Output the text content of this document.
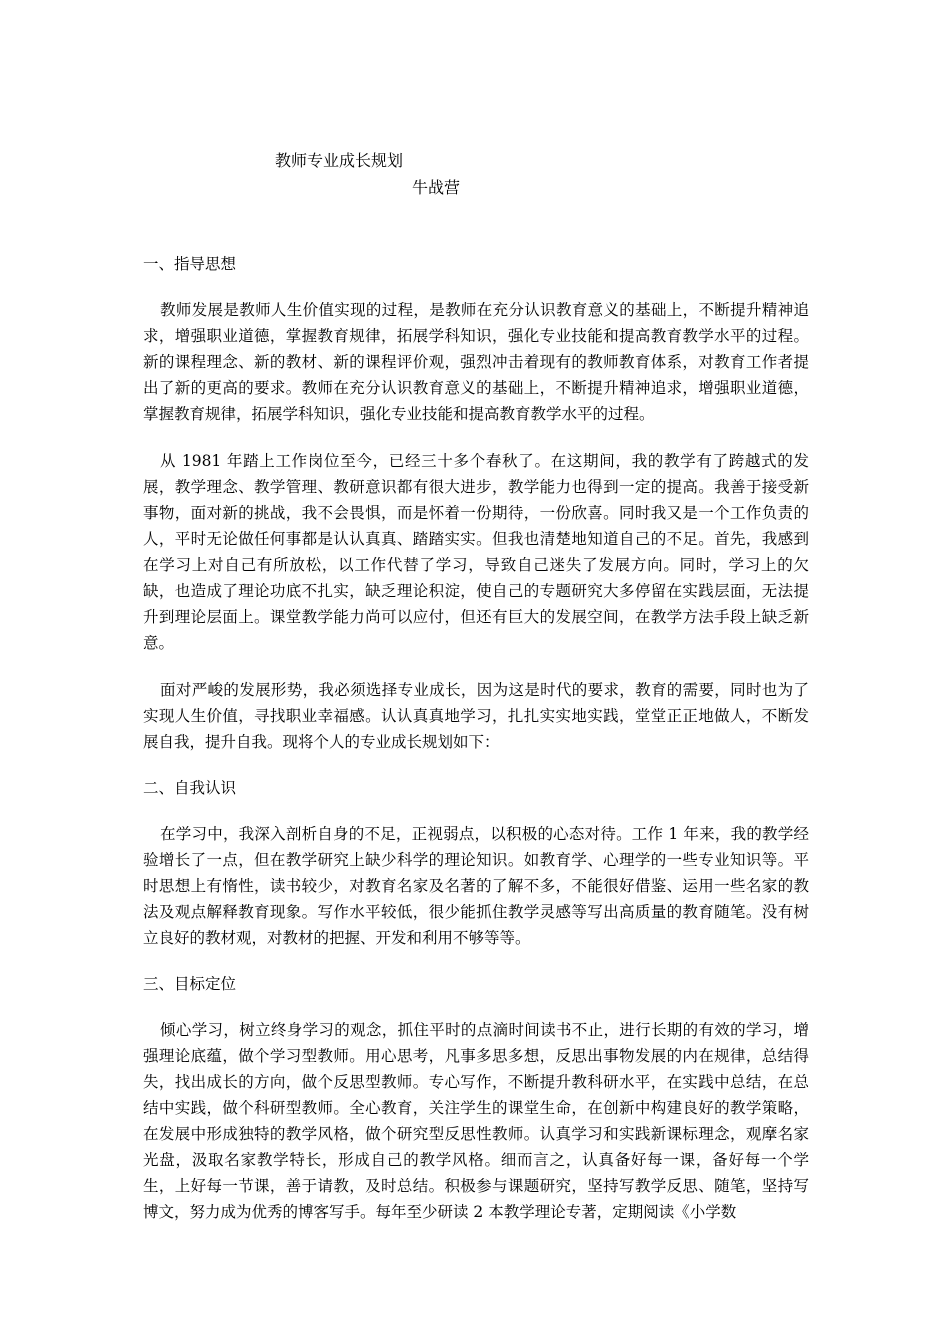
教师专业成长规划
牛战营
一、指导思想

教师发展是教师人生价值实现的过程，是教师在充分认识教育意义的基础上，不断提升精神追求，增强职业道德，掌握教育规律，拓展学科知识，强化专业技能和提高教育教学水平的过程。新的课程理念、新的教材、新的课程评价观，强烈冲击着现有的教师教育体系，对教育工作者提出了新的更高的要求。教师在充分认识教育意义的基础上，不断提升精神追求，增强职业道德，掌握教育规律，拓展学科知识，强化专业技能和提高教育教学水平的过程。

从 1981 年踏上工作岗位至今，已经三十多个春秋了。在这期间，我的教学有了跨越式的发展，教学理念、教学管理、教研意识都有很大进步，教学能力也得到一定的提高。我善于接受新事物，面对新的挑战，我不会畏惧，而是怀着一份期待，一份欣喜。同时我又是一个工作负责的人，平时无论做任何事都是认认真真、踏踏实实。但我也清楚地知道自己的不足。首先，我感到在学习上对自己有所放松，以工作代替了学习，导致自己迷失了发展方向。同时，学习上的欠缺，也造成了理论功底不扎实，缺乏理论积淀，使自己的专题研究大多停留在实践层面，无法提升到理论层面上。课堂教学能力尚可以应付，但还有巨大的发展空间，在教学方法手段上缺乏新意。

面对严峻的发展形势，我必须选择专业成长，因为这是时代的要求，教育的需要，同时也为了实现人生价值，寻找职业幸福感。认认真真地学习，扎扎实实地实践，堂堂正正地做人，不断发展自我，提升自我。现将个人的专业成长规划如下：

二、自我认识

在学习中，我深入剖析自身的不足，正视弱点，以积极的心态对待。工作 1 年来，我的教学经验增长了一点，但在教学研究上缺少科学的理论知识。如教育学、心理学的一些专业知识等。平时思想上有惰性，读书较少，对教育名家及名著的了解不多，不能很好借鉴、运用一些名家的教法及观点解释教育现象。写作水平较低，很少能抓住教学灵感等写出高质量的教育随笔。没有树立良好的教材观，对教材的把握、开发和利用不够等等。

三、目标定位

倾心学习，树立终身学习的观念，抓住平时的点滴时间读书不止，进行长期的有效的学习，增强理论底蕴，做个学习型教师。用心思考，凡事多思多想，反思出事物发展的内在规律，总结得失，找出成长的方向，做个反思型教师。专心写作，不断提升教科研水平，在实践中总结，在总结中实践，做个科研型教师。全心教育，关注学生的课堂生命，在创新中构建良好的教学策略，在发展中形成独特的教学风格，做个研究型反思性教师。认真学习和实践新课标理念，观摩名家光盘，汲取名家教学特长，形成自己的教学风格。细而言之，认真备好每一课，备好每一个学生，上好每一节课，善于请教，及时总结。积极参与课题研究，坚持写教学反思、随笔，坚持写博文，努力成为优秀的博客写手。每年至少研读 2 本教学理论专著，定期阅读《小学数
